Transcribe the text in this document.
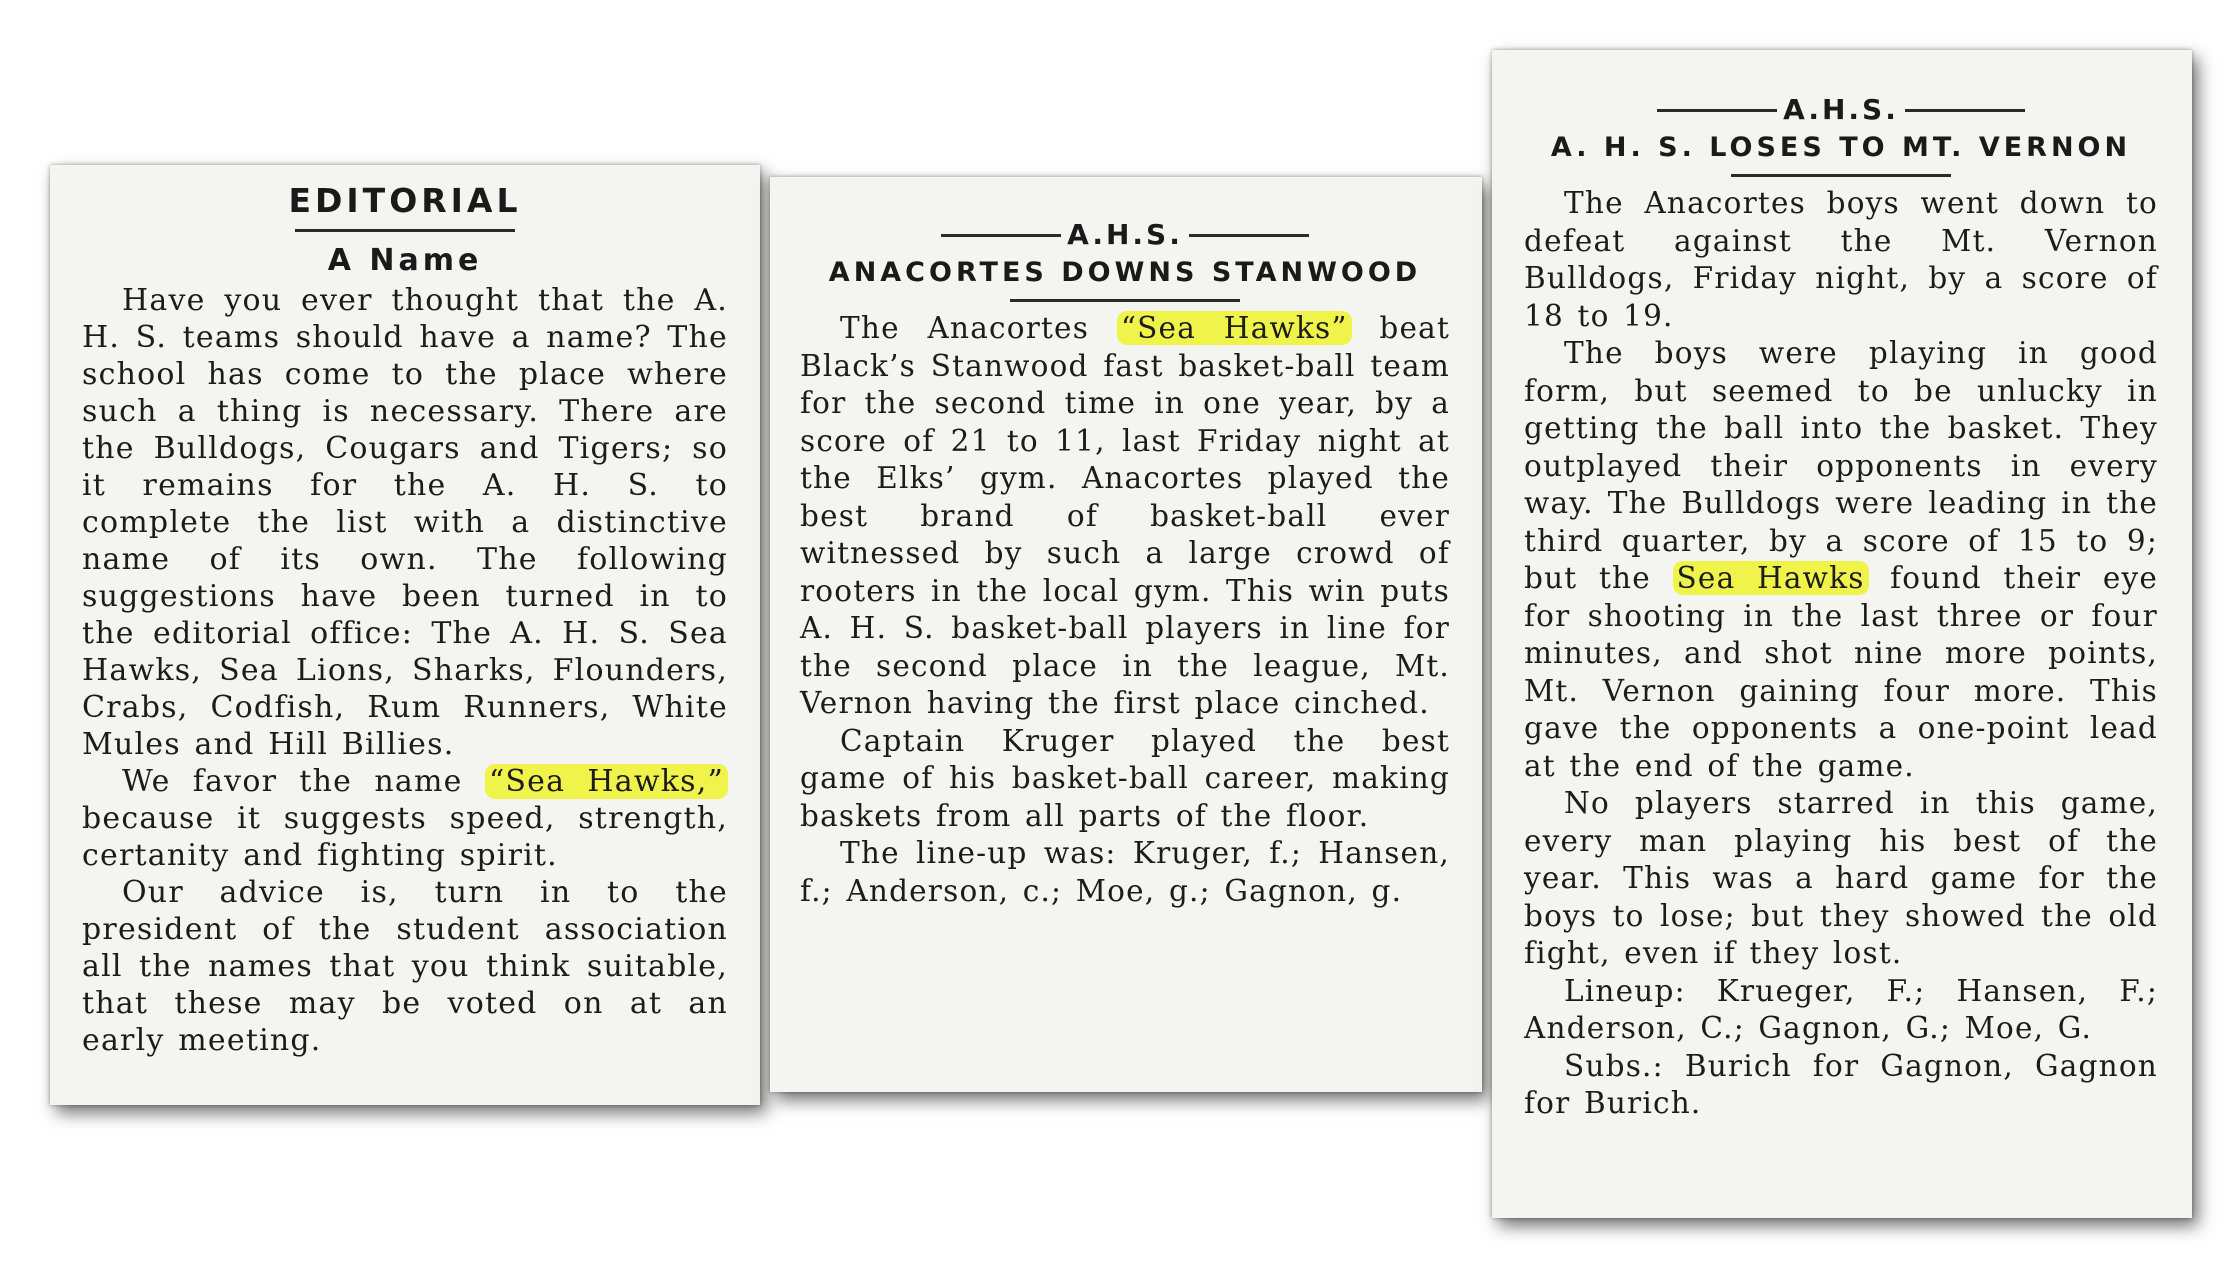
EDITORIAL
A Name

Have you ever thought that the A. H. S. teams should have a name? The school has come to the place where such a thing is necessary. There are the Bulldogs, Cougars and Tigers; so it remains for the A. H. S. to complete the list with a distinctive name of its own. The following suggestions have been turned in to the editorial office: The A. H. S. Sea Hawks, Sea Lions, Sharks, Flounders, Crabs, Codfish, Rum Runners, White Mules and Hill Billies.

We favor the name “Sea Hawks,” because it suggests speed, strength, certanity and fighting spirit.

Our advice is, turn in to the president of the student association all the names that you think suitable, that these may be voted on at an early meeting.

A.H.S.
ANACORTES DOWNS STANWOOD

The Anacortes “Sea Hawks” beat Black’s Stanwood fast basket-ball team for the second time in one year, by a score of 21 to 11, last Friday night at the Elks’ gym. Anacortes played the best brand of basket-ball ever witnessed by such a large crowd of rooters in the local gym. This win puts A. H. S. basket-ball players in line for the second place in the league, Mt. Vernon having the first place cinched.

Captain Kruger played the best game of his basket-ball career, making baskets from all parts of the floor.

The line-up was: Kruger, f.; Hansen, f.; Anderson, c.; Moe, g.; Gagnon, g.

A.H.S.
A. H. S. LOSES TO MT. VERNON

The Anacortes boys went down to defeat against the Mt. Vernon Bulldogs, Friday night, by a score of 18 to 19.

The boys were playing in good form, but seemed to be unlucky in getting the ball into the basket. They outplayed their opponents in every way. The Bulldogs were leading in the third quarter, by a score of 15 to 9; but the Sea Hawks found their eye for shooting in the last three or four minutes, and shot nine more points, Mt. Vernon gaining four more. This gave the opponents a one-point lead at the end of the game.

No players starred in this game, every man playing his best of the year. This was a hard game for the boys to lose; but they showed the old fight, even if they lost.

Lineup: Krueger, F.; Hansen, F.; Anderson, C.; Gagnon, G.; Moe, G.

Subs.: Burich for Gagnon, Gagnon for Burich.
